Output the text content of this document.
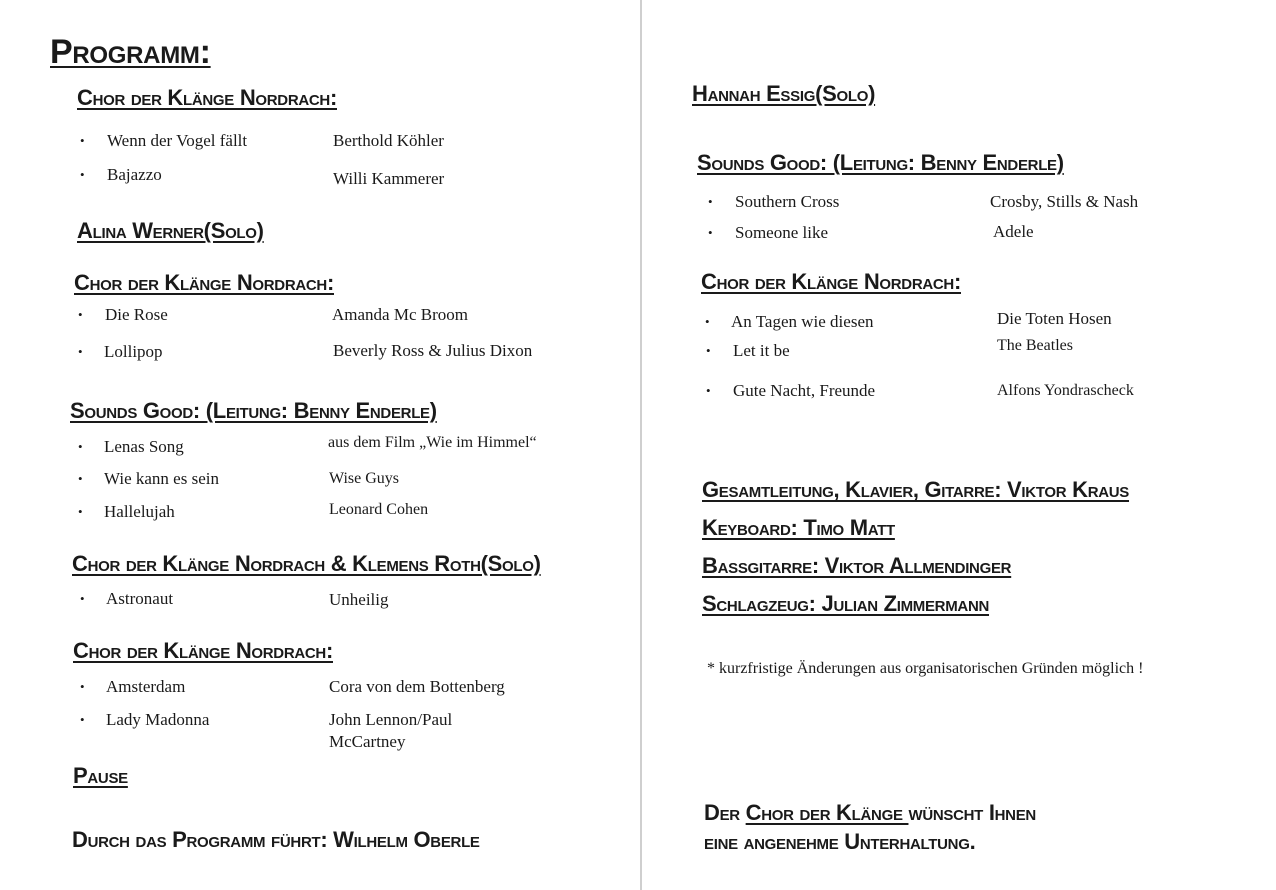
Programm:
Chor der Klänge Nordrach:
• Wenn der Vogel fällt	Berthold Köhler
• Bajazzo	Willi Kammerer
Alina Werner(Solo)
Chor der Klänge Nordrach:
• Die Rose	Amanda Mc Broom
• Lollipop	Beverly Ross & Julius Dixon
Sounds Good: (Leitung: Benny Enderle)
• Lenas Song	aus dem Film „Wie im Himmel“
• Wie kann es sein	Wise Guys
• Hallelujah	Leonard Cohen
Chor der Klänge Nordrach & Klemens Roth(Solo)
• Astronaut	Unheilig
Chor der Klänge Nordrach:
• Amsterdam	Cora von dem Bottenberg
• Lady Madonna	John Lennon/Paul
McCartney
Pause
Durch das Programm führt: Wilhelm Oberle
Hannah Essig(Solo)
Sounds Good: (Leitung: Benny Enderle)
• Southern Cross	Crosby, Stills & Nash
• Someone like	Adele
Chor der Klänge Nordrach:
• An Tagen wie diesen	Die Toten Hosen
• Let it be	The Beatles
• Gute Nacht, Freunde	Alfons Yondrascheck
Gesamtleitung, Klavier, Gitarre: Viktor Kraus
Keyboard: Timo Matt
Bassgitarre: Viktor Allmendinger
Schlagzeug: Julian Zimmermann
* kurzfristige Änderungen aus organisatorischen Gründen möglich !
Der Chor der Klänge wünscht Ihnen
eine angenehme Unterhaltung.
